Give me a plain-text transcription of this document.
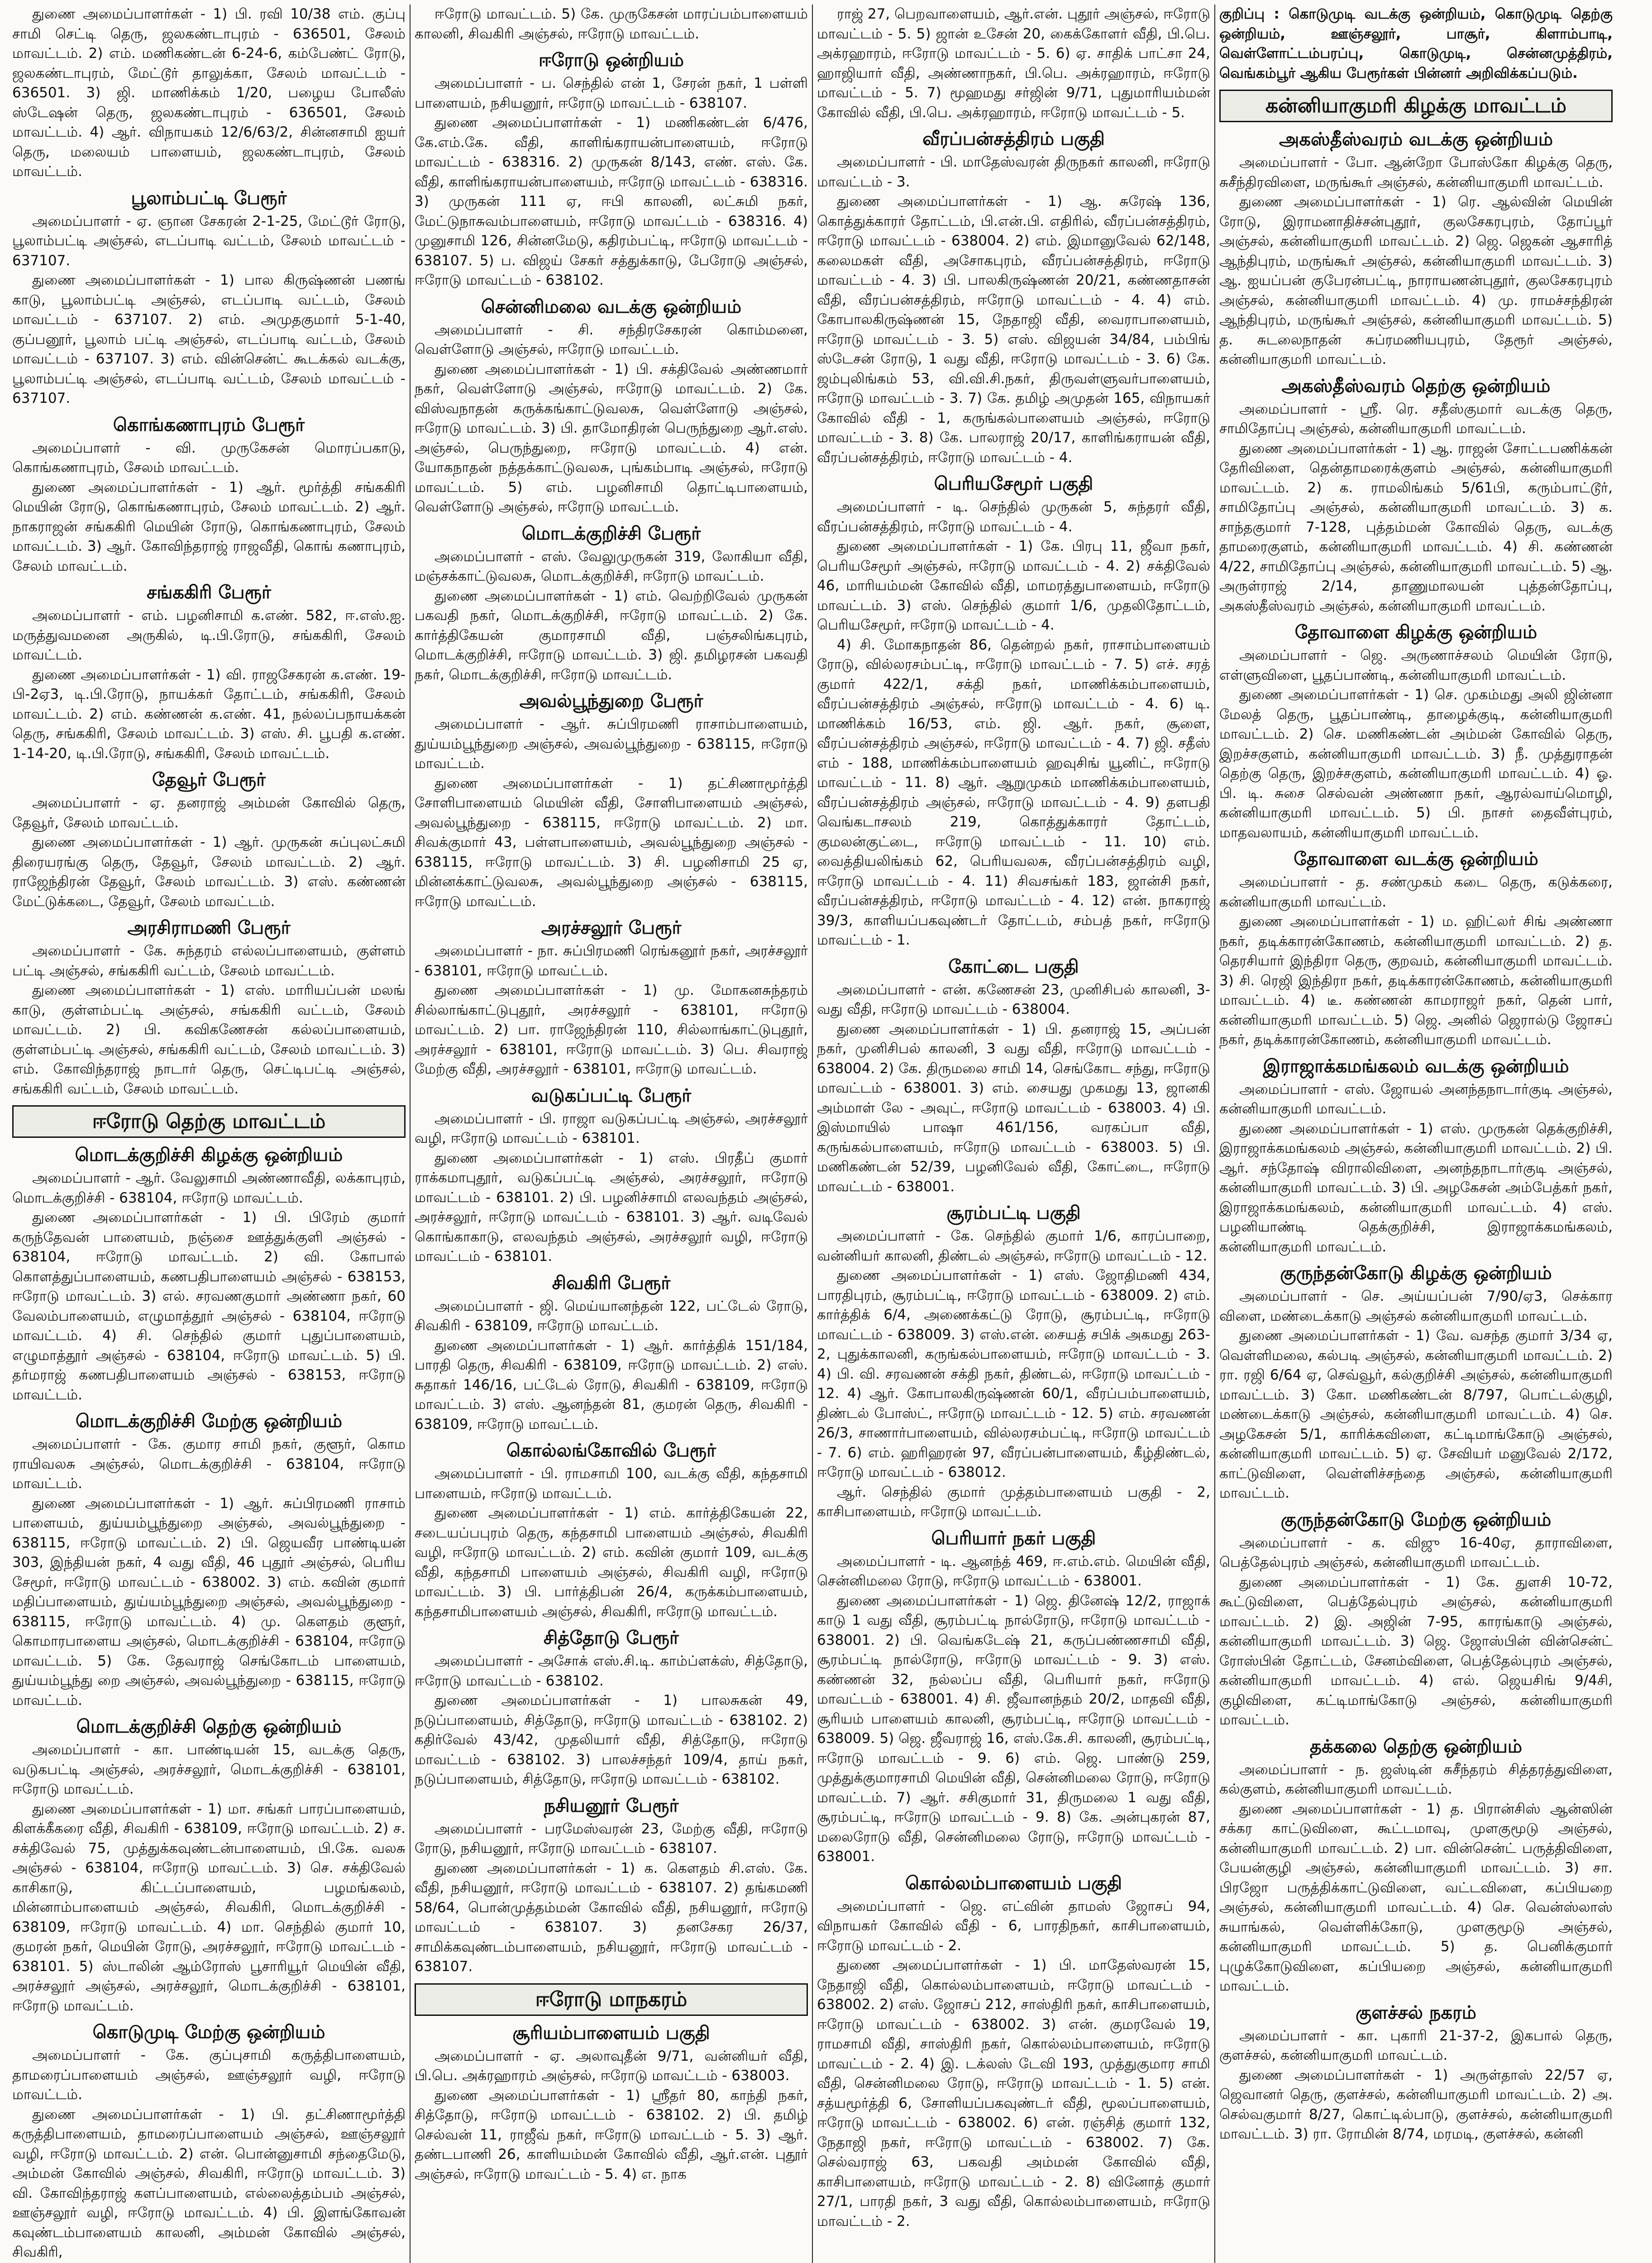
துணை அமைப்பாளர்கள் - 1) பி. ரவி 10/38 எம். குப்பு சாமி செட்டி தெரு, ஜலகண்டாபுரம் - 636501, சேலம் மாவட்டம். 2) எம். மணிகண்டன் 6-24-6, கம்பேண்ட் ரோடு, ஜலகண்டாபுரம், மேட்டூர் தாலுக்கா, சேலம் மாவட்டம் - 636501. 3) ஜி. மாணிக்கம் 1/20, பழைய போலீஸ் ஸ்டேஷன் தெரு, ஜலகண்டாபுரம் - 636501, சேலம் மாவட்டம். 4) ஆர். விநாயகம் 12/6/63/2, சின்னசாமி ஐயர் தெரு, மலையம் பாளையம், ஜலகண்டாபுரம், சேலம் மாவட்டம்.

பூலாம்பட்டி பேரூர்

அமைப்பாளர் - ஏ. ஞான சேகரன் 2-1-25, மேட்டூர் ரோடு, பூலாம்பட்டி அஞ்சல், எடப்பாடி வட்டம், சேலம் மாவட்டம் - 637107.

துணை அமைப்பாளர்கள் - 1) பால கிருஷ்ணன் பணங் காடு, பூலாம்பட்டி அஞ்சல், எடப்பாடி வட்டம், சேலம் மாவட்டம் - 637107. 2) எம். அமுதகுமார் 5-1-40, குப்பனூர், பூலாம் பட்டி அஞ்சல், எடப்பாடி வட்டம், சேலம் மாவட்டம் - 637107. 3) எம். வின்சென்ட் கூடக்கல் வடக்கு, பூலாம்பட்டி அஞ்சல், எடப்பாடி வட்டம், சேலம் மாவட்டம் - 637107.

கொங்கணாபுரம் பேரூர்

அமைப்பாளர் - வி. முருகேசன் மொரப்பகாடு, கொங்கணாபுரம், சேலம் மாவட்டம்.

துணை அமைப்பாளர்கள் - 1) ஆர். மூர்த்தி சங்ககிரி மெயின் ரோடு, கொங்கணாபுரம், சேலம் மாவட்டம். 2) ஆர். நாகராஜன் சங்ககிரி மெயின் ரோடு, கொங்கணாபுரம், சேலம் மாவட்டம். 3) ஆர். கோவிந்தராஜ் ராஜவீதி, கொங் கணாபுரம், சேலம் மாவட்டம்.

சங்ககிரி பேரூர்

அமைப்பாளர் - எம். பழனிசாமி க.எண். 582, ஈ.எஸ்.ஐ. மருத்துவமனை அருகில், டி.பி.ரோடு, சங்ககிரி, சேலம் மாவட்டம்.

துணை அமைப்பாளர்கள் - 1) வி. ராஜசேகரன் க.எண். 19-பி-2ஏ3, டி.பி.ரோடு, நாயக்கர் தோட்டம், சங்ககிரி, சேலம் மாவட்டம். 2) எம். கண்ணன் க.எண். 41, நல்லப்பநாயக்கன் தெரு, சங்ககிரி, சேலம் மாவட்டம். 3) எஸ். சி. பூபதி க.எண். 1-14-20, டி.பி.ரோடு, சங்ககிரி, சேலம் மாவட்டம்.

தேவூர் பேரூர்

அமைப்பாளர் - ஏ. தனராஜ் அம்மன் கோவில் தெரு, தேவூர், சேலம் மாவட்டம்.

துணை அமைப்பாளர்கள் - 1) ஆர். முருகன் சுப்புலட்சுமி திரையரங்கு தெரு, தேவூர், சேலம் மாவட்டம். 2) ஆர். ராஜேந்திரன் தேவூர், சேலம் மாவட்டம். 3) எஸ். கண்ணன் மேட்டுக்கடை, தேவூர், சேலம் மாவட்டம்.

அரசிராமணி பேரூர்

அமைப்பாளர் - கே. சுந்தரம் எல்லப்பாளையம், குள்ளம் பட்டி அஞ்சல், சங்ககிரி வட்டம், சேலம் மாவட்டம்.

துணை அமைப்பாளர்கள் - 1) எஸ். மாரியப்பன் மலங் காடு, குள்ளம்பட்டி அஞ்சல், சங்ககிரி வட்டம், சேலம் மாவட்டம். 2) பி. கவிகணேசன் கல்லப்பாளையம், குள்ளம்பட்டி அஞ்சல், சங்ககிரி வட்டம், சேலம் மாவட்டம். 3) எம். கோவிந்தராஜ் நாடார் தெரு, செட்டிபட்டி அஞ்சல், சங்ககிரி வட்டம், சேலம் மாவட்டம்.

ஈரோடு தெற்கு மாவட்டம்
மொடக்குறிச்சி கிழக்கு ஒன்றியம்

அமைப்பாளர் - ஆர். வேலுசாமி அண்ணாவீதி, லக்காபுரம், மொடக்குறிச்சி - 638104, ஈரோடு மாவட்டம்.

துணை அமைப்பாளர்கள் - 1) பி. பிரேம் குமார் கருந்தேவன் பாளையம், நஞ்சை ஊத்துக்குளி அஞ்சல் - 638104, ஈரோடு மாவட்டம். 2) வி. கோபால் கொளத்துப்பாளையம், கணபதிபாளையம் அஞ்சல் - 638153, ஈரோடு மாவட்டம். 3) எல். சரவணகுமார் அண்ணா நகர், 60 வேலம்பாளையம், எழுமாத்தூர் அஞ்சல் - 638104, ஈரோடு மாவட்டம். 4) சி. செந்தில் குமார் புதுப்பாளையம், எழுமாத்தூர் அஞ்சல் - 638104, ஈரோடு மாவட்டம். 5) பி. தர்மராஜ் கணபதிபாளையம் அஞ்சல் - 638153, ஈரோடு மாவட்டம்.

மொடக்குறிச்சி மேற்கு ஒன்றியம்

அமைப்பாளர் - கே. குமார சாமி நகர், குளூர், கொம ராயிவலசு அஞ்சல், மொடக்குறிச்சி - 638104, ஈரோடு மாவட்டம்.

துணை அமைப்பாளர்கள் - 1) ஆர். சுப்பிரமணி ராசாம் பாளையம், துய்யம்பூந்துறை அஞ்சல், அவல்பூந்துறை - 638115, ஈரோடு மாவட்டம். 2) பி. ஜெயவீர பாண்டியன் 303, இந்தியன் நகர், 4 வது வீதி, 46 புதூர் அஞ்சல், பெரிய சேமூர், ஈரோடு மாவட்டம் - 638002. 3) எம். கவின் குமார் மதிப்பாளையம், துய்யம்பூந்துறை அஞ்சல், அவல்பூந்துறை - 638115, ஈரோடு மாவட்டம். 4) மு. கௌதம் குளூர், கொமாரபாளைய அஞ்சல், மொடக்குறிச்சி - 638104, ஈரோடு மாவட்டம். 5) கே. தேவராஜ் செங்கோடம் பாளையம், துய்யம்பூந்து றை அஞ்சல், அவல்பூந்துறை - 638115, ஈரோடு மாவட்டம்.

மொடக்குறிச்சி தெற்கு ஒன்றியம்

அமைப்பாளர் - கா. பாண்டியன் 15, வடக்கு தெரு, வடுகபட்டி அஞ்சல், அரச்சலூர், மொடக்குறிச்சி - 638101, ஈரோடு மாவட்டம்.

துணை அமைப்பாளர்கள் - 1) மா. சங்கர் பாரப்பாளையம், கிளக்கீகரை வீதி, சிவகிரி - 638109, ஈரோடு மாவட்டம். 2) ச. சக்திவேல் 75, முத்துக்கவுண்டன்பாளையம், பி.கே. வலசு அஞ்சல் - 638104, ஈரோடு மாவட்டம். 3) செ. சக்திவேல் காசிகாடு, கிட்டப்பாளையம், பழமங்கலம், மின்னாம்பாளையம் அஞ்சல், சிவகிரி, மொடக்குறிச்சி - 638109, ஈரோடு மாவட்டம். 4) மா. செந்தில் குமார் 10, குமரன் நகர், மெயின் ரோடு, அரச்சலூர், ஈரோடு மாவட்டம் - 638101. 5) ஸ்டாலின் ஆம்ரோஸ் பூசாரியூர் மெயின் வீதி, அரச்சலூர் அஞ்சல், அரச்சலூர், மொடக்குறிச்சி - 638101, ஈரோடு மாவட்டம்.

கொடுமுடி மேற்கு ஒன்றியம்

அமைப்பாளர் - கே. குப்புசாமி கருத்திபாளையம், தாமரைப்பாளையம் அஞ்சல், ஊஞ்சலூர் வழி, ஈரோடு மாவட்டம்.

துணை அமைப்பாளர்கள் - 1) பி. தட்சிணாமூர்த்தி கருத்திபாளையம், தாமரைப்பாளையம் அஞ்சல், ஊஞ்சலூர் வழி, ஈரோடு மாவட்டம். 2) என். பொன்னுசாமி சந்தைமேடு, அம்மன் கோவில் அஞ்சல், சிவகிரி, ஈரோடு மாவட்டம். 3) வி. கோவிந்தராஜ் களப்பாளையம், எல்லைத்தம்பம் அஞ்சல், ஊஞ்சலூர் வழி, ஈரோடு மாவட்டம். 4) பி. இளங்கோவன் கவுண்டம்பாளையம் காலனி, அம்மன் கோவில் அஞ்சல், சிவகிரி,

ஈரோடு மாவட்டம். 5) கே. முருகேசன் மாரப்பம்பாளையம் காலனி, சிவகிரி அஞ்சல், ஈரோடு மாவட்டம்.

ஈரோடு ஒன்றியம்

அமைப்பாளர் - ப. செந்தில் என் 1, சேரன் நகர், 1 பள்ளி பாளையம், நசியனூர், ஈரோடு மாவட்டம் - 638107.

துணை அமைப்பாளர்கள் - 1) மணிகண்டன் 6/476, கே.எம்.கே. வீதி, காளிங்கராயன்பாளையம், ஈரோடு மாவட்டம் - 638316. 2) முருகன் 8/143, எண். எஸ். கே. வீதி, காளிங்கராயன்பாளையம், ஈரோடு மாவட்டம் - 638316. 3) முருகன் 111 ஏ, ஈபி காலனி, லட்சுமி நகர், மேட்டுநாசுவம்பாளையம், ஈரோடு மாவட்டம் - 638316. 4) முனுசாமி 126, சின்னமேடு, கதிரம்பட்டி, ஈரோடு மாவட்டம் - 638107. 5) ப. விஜய் சேகர் சத்துக்காடு, பேரோடு அஞ்சல், ஈரோடு மாவட்டம் - 638102.

சென்னிமலை வடக்கு ஒன்றியம்

அமைப்பாளர் - சி. சந்திரசேகரன் கொம்மனை, வெள்ளோடு அஞ்சல், ஈரோடு மாவட்டம்.

துணை அமைப்பாளர்கள் - 1) பி. சக்திவேல் அண்ணமார் நகர், வெள்ளோடு அஞ்சல், ஈரோடு மாவட்டம். 2) கே. விஸ்வநாதன் கருக்கங்காட்டுவலசு, வெள்ளோடு அஞ்சல், ஈரோடு மாவட்டம். 3) பி. தாமோதிரன் பெருந்துறை ஆர்.எஸ். அஞ்சல், பெருந்துறை, ஈரோடு மாவட்டம். 4) என். யோகநாதன் நத்தக்காட்டுவலசு, புங்கம்பாடி அஞ்சல், ஈரோடு மாவட்டம். 5) எம். பழனிசாமி தொட்டிபாளையம், வெள்ளோடு அஞ்சல், ஈரோடு மாவட்டம்.

மொடக்குறிச்சி பேரூர்

அமைப்பாளர் - எஸ். வேலுமுருகன் 319, லோகியா வீதி, மஞ்சக்காட்டுவலசு, மொடக்குறிச்சி, ஈரோடு மாவட்டம்.

துணை அமைப்பாளர்கள் - 1) எம். வெற்றிவேல் முருகன் பகவதி நகர், மொடக்குறிச்சி, ஈரோடு மாவட்டம். 2) கே. கார்த்திகேயன் குமாரசாமி வீதி, பஞ்சலிங்கபுரம், மொடக்குறிச்சி, ஈரோடு மாவட்டம். 3) ஜி. தமிழரசன் பகவதி நகர், மொடக்குறிச்சி, ஈரோடு மாவட்டம்.

அவல்பூந்துறை பேரூர்

அமைப்பாளர் - ஆர். சுப்பிரமணி ராசாம்பாளையம், துய்யம்பூந்துறை அஞ்சல், அவல்பூந்துறை - 638115, ஈரோடு மாவட்டம்.

துணை அமைப்பாளர்கள் - 1) தட்சிணாமூர்த்தி சோளிபாளையம் மெயின் வீதி, சோளிபாளையம் அஞ்சல், அவல்பூந்துறை - 638115, ஈரோடு மாவட்டம். 2) மா. சிவக்குமார் 43, பள்ளபாளையம், அவல்பூந்துறை அஞ்சல் - 638115, ஈரோடு மாவட்டம். 3) சி. பழனிசாமி 25 ஏ, மின்னக்காட்டுவலசு, அவல்பூந்துறை அஞ்சல் - 638115, ஈரோடு மாவட்டம்.

அரச்சலூர் பேரூர்

அமைப்பாளர் - நா. சுப்பிரமணி ரெங்கனூர் நகர், அரச்சலூர் - 638101, ஈரோடு மாவட்டம்.

துணை அமைப்பாளர்கள் - 1) மு. மோகனசுந்தரம் சில்லாங்காட்டுபுதூர், அரச்சலூர் - 638101, ஈரோடு மாவட்டம். 2) பா. ராஜேந்திரன் 110, சில்லாங்காட்டுபுதூர், அரச்சலூர் - 638101, ஈரோடு மாவட்டம். 3) பெ. சிவராஜ் மேற்கு வீதி, அரச்சலூர் - 638101, ஈரோடு மாவட்டம்.

வடுகப்பட்டி பேரூர்

அமைப்பாளர் - பி. ராஜா வடுகப்பட்டி அஞ்சல், அரச்சலூர் வழி, ஈரோடு மாவட்டம் - 638101.

துணை அமைப்பாளர்கள் - 1) எஸ். பிரதீப் குமார் ராக்கமாபுதூர், வடுகப்பட்டி அஞ்சல், அரச்சலூர், ஈரோடு மாவட்டம் - 638101. 2) பி. பழனிச்சாமி எலவந்தம் அஞ்சல், அரச்சலூர், ஈரோடு மாவட்டம் - 638101. 3) ஆர். வடிவேல் கொங்காகாடு, எலவந்தம் அஞ்சல், அரச்சலூர் வழி, ஈரோடு மாவட்டம் - 638101.

சிவகிரி பேரூர்

அமைப்பாளர் - ஜி. மெய்யானந்தன் 122, பட்டேல் ரோடு, சிவகிரி - 638109, ஈரோடு மாவட்டம்.

துணை அமைப்பாளர்கள் - 1) ஆர். கார்த்திக் 151/184, பாரதி தெரு, சிவகிரி - 638109, ஈரோடு மாவட்டம். 2) எஸ். சுதாகர் 146/16, பட்டேல் ரோடு, சிவகிரி - 638109, ஈரோடு மாவட்டம். 3) எஸ். ஆனந்தன் 81, குமரன் தெரு, சிவகிரி - 638109, ஈரோடு மாவட்டம்.

கொல்லங்கோவில் பேரூர்

அமைப்பாளர் - பி. ராமசாமி 100, வடக்கு வீதி, கந்தசாமி பாளையம், ஈரோடு மாவட்டம்.

துணை அமைப்பாளர்கள் - 1) எம். கார்த்திகேயன் 22, சடையப்பபுரம் தெரு, கந்தசாமி பாளையம் அஞ்சல், சிவகிரி வழி, ஈரோடு மாவட்டம். 2) எம். கவின் குமார் 109, வடக்கு வீதி, கந்தசாமி பாளையம் அஞ்சல், சிவகிரி வழி, ஈரோடு மாவட்டம். 3) பி. பார்த்திபன் 26/4, கருக்கம்பாளையம், கந்தசாமிபாளையம் அஞ்சல், சிவகிரி, ஈரோடு மாவட்டம்.

சித்தோடு பேரூர்

அமைப்பாளர் - அசோக் எஸ்.சி.டி. காம்ப்ளக்ஸ், சித்தோடு, ஈரோடு மாவட்டம் - 638102.

துணை அமைப்பாளர்கள் - 1) பாலசுகன் 49, நடுப்பாளையம், சித்தோடு, ஈரோடு மாவட்டம் - 638102. 2) கதிர்வேல் 43/42, முதலியார் வீதி, சித்தோடு, ஈரோடு மாவட்டம் - 638102. 3) பாலச்சந்தர் 109/4, தாய் நகர், நடுப்பாளையம், சித்தோடு, ஈரோடு மாவட்டம் - 638102.

நசியனூர் பேரூர்

அமைப்பாளர் - பரமேஸ்வரன் 23, மேற்கு வீதி, ஈரோடு ரோடு, நசியனூர், ஈரோடு மாவட்டம் - 638107.

துணை அமைப்பாளர்கள் - 1) க. கௌதம் சி.எஸ். கே. வீதி, நசியனூர், ஈரோடு மாவட்டம் - 638107. 2) தங்கமணி 58/64, பொன்முத்தம்மன் கோவில் வீதி, நசியனூர், ஈரோடு மாவட்டம் - 638107. 3) தனசேகர 26/37, சாமிக்கவுண்டம்பாளையம், நசியனூர், ஈரோடு மாவட்டம் - 638107.

ஈரோடு மாநகரம்
சூரியம்பாளையம் பகுதி

அமைப்பாளர் - ஏ. அலாவுதீன் 9/71, வன்னியர் வீதி, பி.பெ. அக்ரஹாரம் அஞ்சல், ஈரோடு மாவட்டம் - 638003.

துணை அமைப்பாளர்கள் - 1) ஸ்ரீதர் 80, காந்தி நகர், சித்தோடு, ஈரோடு மாவட்டம் - 638102. 2) பி. தமிழ் செல்வன் 11, ராஜீவ் நகர், ஈரோடு மாவட்டம் - 5. 3) ஆர். தண்டபாணி 26, காளியம்மன் கோவில் வீதி, ஆர்.என். புதூர் அஞ்சல், ஈரோடு மாவட்டம் - 5. 4) எ. நாக

ராஜ் 27, பெறவாளையம், ஆர்.என். புதூர் அஞ்சல், ஈரோடு மாவட்டம் - 5. 5) ஜான் உசேன் 20, கைக்கோளர் வீதி, பி.பெ. அக்ரஹாரம், ஈரோடு மாவட்டம் - 5. 6) ஏ. சாதிக் பாட்சா 24, ஹாஜியார் வீதி, அண்ணாநகர், பி.பெ. அக்ரஹாரம், ஈரோடு மாவட்டம் - 5. 7) மூஹமது சர்ஜின் 9/71, புதுமாரியம்மன் கோவில் வீதி, பி.பெ. அக்ரஹாரம், ஈரோடு மாவட்டம் - 5.

வீரப்பன்சத்திரம் பகுதி

அமைப்பாளர் - பி. மாதேஸ்வரன் திருநகர் காலனி, ஈரோடு மாவட்டம் - 3.

துணை அமைப்பாளர்கள் - 1) ஆ. சுரேஷ் 136, கொத்துக்காரர் தோட்டம், பி.என்.பி. எதிரில், வீரப்பன்சத்திரம், ஈரோடு மாவட்டம் - 638004. 2) எம். இமானுவேல் 62/148, கலைமகள் வீதி, அசோகபுரம், வீரப்பன்சத்திரம், ஈரோடு மாவட்டம் - 4. 3) பி. பாலகிருஷ்ணன் 20/21, கண்ணதாசன் வீதி, வீரப்பன்சத்திரம், ஈரோடு மாவட்டம் - 4. 4) எம். கோபாலகிருஷ்ணன் 15, நேதாஜி வீதி, வைராபாளையம், ஈரோடு மாவட்டம் - 3. 5) எஸ். விஜயன் 34/84, பம்பிங் ஸ்டேசன் ரோடு, 1 வது வீதி, ஈரோடு மாவட்டம் - 3. 6) கே. ஜம்புலிங்கம் 53, வி.வி.சி.நகர், திருவள்ளுவர்பாளையம், ஈரோடு மாவட்டம் - 3. 7) கே. தமிழ் அமுதன் 165, விநாயகர் கோவில் வீதி - 1, கருங்கல்பாளையம் அஞ்சல், ஈரோடு மாவட்டம் - 3. 8) கே. பாலராஜ் 20/17, காளிங்கராயன் வீதி, வீரப்பன்சத்திரம், ஈரோடு மாவட்டம் - 4.

பெரியசேமூர் பகுதி

அமைப்பாளர் - டி. செந்தில் முருகன் 5, சுந்தரர் வீதி, வீரப்பன்சத்திரம், ஈரோடு மாவட்டம் - 4.

துணை அமைப்பாளர்கள் - 1) கே. பிரபு 11, ஜீவா நகர், பெரியசேமூர் அஞ்சல், ஈரோடு மாவட்டம் - 4. 2) சக்திவேல் 46, மாரியம்மன் கோவில் வீதி, மாமரத்துபாளையம், ஈரோடு மாவட்டம். 3) எஸ். செந்தில் குமார் 1/6, முதலிதோட்டம், பெரியசேமூர், ஈரோடு மாவட்டம் - 4.

4) சி. மோகநாதன் 86, தென்றல் நகர், ராசாம்பாளையம் ரோடு, வில்லரசம்பட்டி, ஈரோடு மாவட்டம் - 7. 5) எச். சரத் குமார் 422/1, சக்தி நகர், மாணிக்கம்பாளையம், வீரப்பன்சத்திரம் அஞ்சல், ஈரோடு மாவட்டம் - 4. 6) டி. மாணிக்கம் 16/53, எம். ஜி. ஆர். நகர், சூளை, வீரப்பன்சத்திரம் அஞ்சல், ஈரோடு மாவட்டம் - 4. 7) ஜி. சதீஸ் எம் - 188, மாணிக்கம்பாளையம் ஹவுசிங் யூனிட், ஈரோடு மாவட்டம் - 11. 8) ஆர். ஆறுமுகம் மாணிக்கம்பாளையம், வீரப்பன்சத்திரம் அஞ்சல், ஈரோடு மாவட்டம் - 4. 9) தளபதி வெங்கடாசலம் 219, கொத்துக்காரர் தோட்டம், குமலன்குட்டை, ஈரோடு மாவட்டம் - 11. 10) எம். வைத்தியலிங்கம் 62, பெரியவலசு, வீரப்பன்சத்திரம் வழி, ஈரோடு மாவட்டம் - 4. 11) சிவசங்கர் 183, ஜான்சி நகர், வீரப்பன்சத்திரம், ஈரோடு மாவட்டம் - 4. 12) என். நாகராஜ் 39/3, காளியப்பகவுண்டர் தோட்டம், சம்பத் நகர், ஈரோடு மாவட்டம் - 1.

கோட்டை பகுதி

அமைப்பாளர் - என். கணேசன் 23, முனிசிபல் காலனி, 3- வது வீதி, ஈரோடு மாவட்டம் - 638004.

துணை அமைப்பாளர்கள் - 1) பி. தனராஜ் 15, அப்பன் நகர், முனிசிபல் காலனி, 3 வது வீதி, ஈரோடு மாவட்டம் - 638004. 2) கே. திருமலை சாமி 14, செங்கோட சந்து, ஈரோடு மாவட்டம் - 638001. 3) எம். சையது முகமது 13, ஜானகி அம்மாள் லே - அவுட், ஈரோடு மாவட்டம் - 638003. 4) பி. இஸ்மாயில் பாஷா 461/156, வரகப்பா வீதி, கருங்கல்பாளையம், ஈரோடு மாவட்டம் - 638003. 5) பி. மணிகண்டன் 52/39, பழனிவேல் வீதி, கோட்டை, ஈரோடு மாவட்டம் - 638001.

சூரம்பட்டி பகுதி

அமைப்பாளர் - கே. செந்தில் குமார் 1/6, காரப்பாறை, வன்னியர் காலனி, திண்டல் அஞ்சல், ஈரோடு மாவட்டம் - 12.

துணை அமைப்பாளர்கள் - 1) எஸ். ஜோதிமணி 434, பாரதிபுரம், சூரம்பட்டி, ஈரோடு மாவட்டம் - 638009. 2) எம். கார்த்திக் 6/4, அணைக்கட்டு ரோடு, சூரம்பட்டி, ஈரோடு மாவட்டம் - 638009. 3) எஸ்.என். சையத் சபிக் அகமது 263-2, புதுக்காலனி, கருங்கல்பாளையம், ஈரோடு மாவட்டம் - 3. 4) பி. வி. சரவணன் சக்தி நகர், திண்டல், ஈரோடு மாவட்டம் - 12. 4) ஆர். கோபாலகிருஷ்ணன் 60/1, வீரப்பம்பாளையம், திண்டல் போஸ்ட், ஈரோடு மாவட்டம் - 12. 5) எம். சரவணன் 26/3, சாணார்பாளையம், வில்லரசம்பட்டி, ஈரோடு மாவட்டம் - 7. 6) எம். ஹரிஹரன் 97, வீரப்பன்பாளையம், கீழ்திண்டல், ஈரோடு மாவட்டம் - 638012.

ஆர். செந்தில் குமார் முத்தம்பாளையம் பகுதி - 2, காசிபாளையம், ஈரோடு மாவட்டம்.

பெரியார் நகர் பகுதி

அமைப்பாளர் - டி. ஆனந்த் 469, ஈ.எம்.எம். மெயின் வீதி, சென்னிமலை ரோடு, ஈரோடு மாவட்டம் - 638001.

துணை அமைப்பாளர்கள் - 1) ஜெ. தினேஷ் 12/2, ராஜாக் காடு 1 வது வீதி, சூரம்பட்டி நால்ரோடு, ஈரோடு மாவட்டம் - 638001. 2) பி. வெங்கடேஷ் 21, கருப்பண்ணசாமி வீதி, சூரம்பட்டி நால்ரோடு, ஈரோடு மாவட்டம் - 9. 3) எஸ். கண்ணன் 32, நல்லப்ப வீதி, பெரியார் நகர், ஈரோடு மாவட்டம் - 638001. 4) சி. ஜீவானந்தம் 20/2, மாதவி வீதி, சூரியம் பாளையம் காலனி, சூரம்பட்டி, ஈரோடு மாவட்டம் - 638009. 5) ஜெ. ஜீவராஜ் 16, எஸ்.கே.சி. காலனி, சூரம்பட்டி, ஈரோடு மாவட்டம் - 9. 6) எம். ஜெ. பாண்டு 259, முத்துக்குமாரசாமி மெயின் வீதி, சென்னிமலை ரோடு, ஈரோடு மாவட்டம். 7) ஆர். சசிகுமார் 31, திருமலை 1 வது வீதி, சூரம்பட்டி, ஈரோடு மாவட்டம் - 9. 8) கே. அன்புகரன் 87, மலைரோடு வீதி, சென்னிமலை ரோடு, ஈரோடு மாவட்டம் - 638001.

கொல்லம்பாளையம் பகுதி

அமைப்பாளர் - ஜெ. எட்வின் தாமஸ் ஜோசப் 94, விநாயகர் கோவில் வீதி - 6, பாரதிநகர், காசிபாளையம், ஈரோடு மாவட்டம் - 2.

துணை அமைப்பாளர்கள் - 1) பி. மாதேஸ்வரன் 15, நேதாஜி வீதி, கொல்லம்பாளையம், ஈரோடு மாவட்டம் - 638002. 2) எஸ். ஜோசப் 212, சாஸ்திரி நகர், காசிபாளையம், ஈரோடு மாவட்டம் - 638002. 3) என். குமரவேல் 19, ராமசாமி வீதி, சாஸ்திரி நகர், கொல்லம்பாளையம், ஈரோடு மாவட்டம் - 2. 4) இ. டக்லஸ் டேவி 193, முத்துகுமார சாமி வீதி, சென்னிமலை ரோடு, ஈரோடு மாவட்டம் - 1. 5) என். சத்யமூர்த்தி 6, சோளியப்பகவுண்டர் வீதி, மூலப்பாளையம், ஈரோடு மாவட்டம் - 638002. 6) என். ரஞ்சித் குமார் 132, நேதாஜி நகர், ஈரோடு மாவட்டம் - 638002. 7) கே. செல்வராஜ் 63, பகவதி அம்மன் கோவில் வீதி, காசிபாளையம், ஈரோடு மாவட்டம் - 2. 8) வினோத் குமார் 27/1, பாரதி நகர், 3 வது வீதி, கொல்லம்பாளையம், ஈரோடு மாவட்டம் - 2.

குறிப்பு : கொடுமுடி வடக்கு ஒன்றியம், கொடுமுடி தெற்கு ஒன்றியம், ஊஞ்சலூர், பாசூர், கிளாம்பாடி, வெள்ளோட்டம்பரப்பு, கொடுமுடி, சென்னமுத்திரம், வெங்கம்பூர் ஆகிய பேரூர்கள் பின்னர் அறிவிக்கப்படும்.

கன்னியாகுமரி கிழக்கு மாவட்டம்
அகஸ்தீஸ்வரம் வடக்கு ஒன்றியம்

அமைப்பாளர் - போ. ஆன்றோ போஸ்கோ கிழக்கு தெரு, சுசீந்திரவிளை, மருங்கூர் அஞ்சல், கன்னியாகுமரி மாவட்டம்.

துணை அமைப்பாளர்கள் - 1) ரெ. ஆல்வின் மெயின் ரோடு, இராமனாதிச்சன்புதூர், குலசேகரபுரம், தோப்பூர் அஞ்சல், கன்னியாகுமரி மாவட்டம். 2) ஜெ. ஜெகன் ஆசாரித் ஆந்திபுரம், மருங்கூர் அஞ்சல், கன்னியாகுமரி மாவட்டம். 3) ஆ. ஐயப்பன் குபேரன்பட்டி, நாராயணன்புதூர், குலசேகரபுரம் அஞ்சல், கன்னியாகுமரி மாவட்டம். 4) மு. ராமச்சந்திரன் ஆந்திபுரம், மருங்கூர் அஞ்சல், கன்னியாகுமரி மாவட்டம். 5) த. சுடலைநாதன் சுப்ரமணியபுரம், தேரூர் அஞ்சல், கன்னியாகுமரி மாவட்டம்.

அகஸ்தீஸ்வரம் தெற்கு ஒன்றியம்

அமைப்பாளர் - ஸ்ரீ. ரெ. சதீஸ்குமார் வடக்கு தெரு, சாமிதோப்பு அஞ்சல், கன்னியாகுமரி மாவட்டம்.

துணை அமைப்பாளர்கள் - 1) ஆ. ராஜன் சோட்டபணிக்கன் தேரிவிளை, தென்தாமரைக்குளம் அஞ்சல், கன்னியாகுமரி மாவட்டம். 2) க. ராமலிங்கம் 5/61பி, கரும்பாட்டூர், சாமிதோப்பு அஞ்சல், கன்னியாகுமரி மாவட்டம். 3) க. சாந்தகுமார் 7-128, புத்தம்மன் கோவில் தெரு, வடக்கு தாமரைகுளம், கன்னியாகுமரி மாவட்டம். 4) சி. கண்ணன் 4/22, சாமிதோப்பு அஞ்சல், கன்னியாகுமரி மாவட்டம். 5) ஆ. அருள்ராஜ் 2/14, தாணுமாலயன் புத்தன்தோப்பு, அகஸ்தீஸ்வரம் அஞ்சல், கன்னியாகுமரி மாவட்டம்.

தோவாளை கிழக்கு ஒன்றியம்

அமைப்பாளர் - ஜெ. அருணாச்சலம் மெயின் ரோடு, எள்ளுவிளை, பூதப்பாண்டி, கன்னியாகுமரி மாவட்டம்.

துணை அமைப்பாளர்கள் - 1) செ. முகம்மது அலி ஜின்னா மேலத் தெரு, பூதப்பாண்டி, தாழைக்குடி, கன்னியாகுமரி மாவட்டம். 2) செ. மணிகண்டன் அம்மன் கோவில் தெரு, இறச்சகுளம், கன்னியாகுமரி மாவட்டம். 3) நீ. முத்துராதன் தெற்கு தெரு, இறச்சகுளம், கன்னியாகுமரி மாவட்டம். 4) ஓ. பி. டி. சுசை செல்வன் அண்ணா நகர், ஆரல்வாய்மொழி, கன்னியாகுமரி மாவட்டம். 5) பி. நாசர் தைவீள்புரம், மாதவலாயம், கன்னியாகுமரி மாவட்டம்.

தோவாளை வடக்கு ஒன்றியம்

அமைப்பாளர் - த. சண்முகம் கடை தெரு, கடுக்கரை, கன்னியாகுமரி மாவட்டம்.

துணை அமைப்பாளர்கள் - 1) ம. ஹிட்லர் சிங் அண்ணா நகர், தடிக்காரன்கோணம், கன்னியாகுமரி மாவட்டம். 2) த. தெரசியார் இந்திரா தெரு, குறவம், கன்னியாகுமரி மாவட்டம். 3) சி. ரெஜி இந்திரா நகர், தடிக்காரன்கோணம், கன்னியாகுமரி மாவட்டம். 4) டீ. கண்ணன் காமராஜர் நகர், தென் பார், கன்னியாகுமரி மாவட்டம். 5) ஜெ. அனில் ஜெரால்டு ஜோசப் நகர், தடிக்காரன்கோணம், கன்னியாகுமரி மாவட்டம்.

இராஜாக்கமங்கலம் வடக்கு ஒன்றியம்

அமைப்பாளர் - எஸ். ஜோயல் அனந்தநாடார்குடி அஞ்சல், கன்னியாகுமரி மாவட்டம்.

துணை அமைப்பாளர்கள் - 1) எஸ். முருகன் தெக்குறிச்சி, இராஜாக்கமங்கலம் அஞ்சல், கன்னியாகுமரி மாவட்டம். 2) பி. ஆர். சந்தோஷ் விராலிவிளை, அனந்தநாடார்குடி அஞ்சல், கன்னியாகுமரி மாவட்டம். 3) பி. அழகேசன் அம்பேத்கர் நகர், இராஜாக்கமங்கலம், கன்னியாகுமரி மாவட்டம். 4) எஸ். பழனியாண்டி தெக்குறிச்சி, இராஜாக்கமங்கலம், கன்னியாகுமரி மாவட்டம்.

குருந்தன்கோடு கிழக்கு ஒன்றியம்

அமைப்பாளர் - செ. அய்யப்பன் 7/90/ஏ3, செக்கார விளை, மண்டைக்காடு அஞ்சல் கன்னியாகுமரி மாவட்டம்.

துணை அமைப்பாளர்கள் - 1) வே. வசந்த குமார் 3/34 ஏ, வெள்ளிமலை, கல்படி அஞ்சல், கன்னியாகுமரி மாவட்டம். 2) ரா. ரஜி 6/64 ஏ, செவ்வூர், கல்குறிச்சி அஞ்சல், கன்னியாகுமரி மாவட்டம். 3) கோ. மணிகண்டன் 8/797, பொட்டல்குழி, மண்டைக்காடு அஞ்சல், கன்னியாகுமரி மாவட்டம். 4) செ. அழகேசன் 5/1, காரிக்கவிளை, கட்டிமாங்கோடு அஞ்சல், கன்னியாகுமரி மாவட்டம். 5) ஏ. சேவியர் மனுவேல் 2/172, காட்டுவிளை, வெள்ளிச்சந்தை அஞ்சல், கன்னியாகுமரி மாவட்டம்.

குருந்தன்கோடு மேற்கு ஒன்றியம்

அமைப்பாளர் - க. விஜு 16-40ஏ, தாராவிளை, பெத்தேல்புரம் அஞ்சல், கன்னியாகுமரி மாவட்டம்.

துணை அமைப்பாளர்கள் - 1) கே. துளசி 10-72, கூட்டுவிளை, பெத்தேல்புரம் அஞ்சல், கன்னியாகுமரி மாவட்டம். 2) இ. அஜின் 7-95, காரங்காடு அஞ்சல், கன்னியாகுமரி மாவட்டம். 3) ஜெ. ஜோஸ்பின் வின்சென்ட் ரோஸ்பின் தோட்டம், சேனம்விளை, பெத்தேல்புரம் அஞ்சல், கன்னியாகுமரி மாவட்டம். 4) எல். ஜெயசிங் 9/4சி, குழிவிளை, கட்டிமாங்கோடு அஞ்சல், கன்னியாகுமரி மாவட்டம்.

தக்கலை தெற்கு ஒன்றியம்

அமைப்பாளர் - ந. ஜஸ்டின் சுசீந்தரம் சித்தரத்துவிளை, கல்குளம், கன்னியாகுமரி மாவட்டம்.

துணை அமைப்பாளர்கள் - 1) த. பிரான்சிஸ் ஆன்ஸின் சக்கர காட்டுவிளை, கூட்டமாவு, முளகுமூடு அஞ்சல், கன்னியாகுமரி மாவட்டம். 2) பா. வின்சென்ட் பருத்திவிளை, பேயன்குழி அஞ்சல், கன்னியாகுமரி மாவட்டம். 3) சா. பிரஜோ பருத்திக்காட்டுவிளை, வட்டவிளை, கப்பியறை அஞ்சல், கன்னியாகுமரி மாவட்டம். 4) செ. வென்ஸ்லாஸ் சுயாங்கல், வெள்ளிக்கோடு, முளகுமூடு அஞ்சல், கன்னியாகுமரி மாவட்டம். 5) த. பெனிக்குமார் புழுக்கோடுவிளை, கப்பியறை அஞ்சல், கன்னியாகுமரி மாவட்டம்.

குளச்சல் நகரம்

அமைப்பாளர் - கா. புகாரி 21-37-2, இகபால் தெரு, குளச்சல், கன்னியாகுமரி மாவட்டம்.

துணை அமைப்பாளர்கள் - 1) அருள்தாஸ் 22/57 ஏ, ஜெவானர் தெரு, குளச்சல், கன்னியாகுமரி மாவட்டம். 2) அ. செல்வகுமார் 8/27, கொட்டில்பாடு, குளச்சல், கன்னியாகுமரி மாவட்டம். 3) ரா. ரோமின் 8/74, மரமடி, குளச்சல், கன்னி
